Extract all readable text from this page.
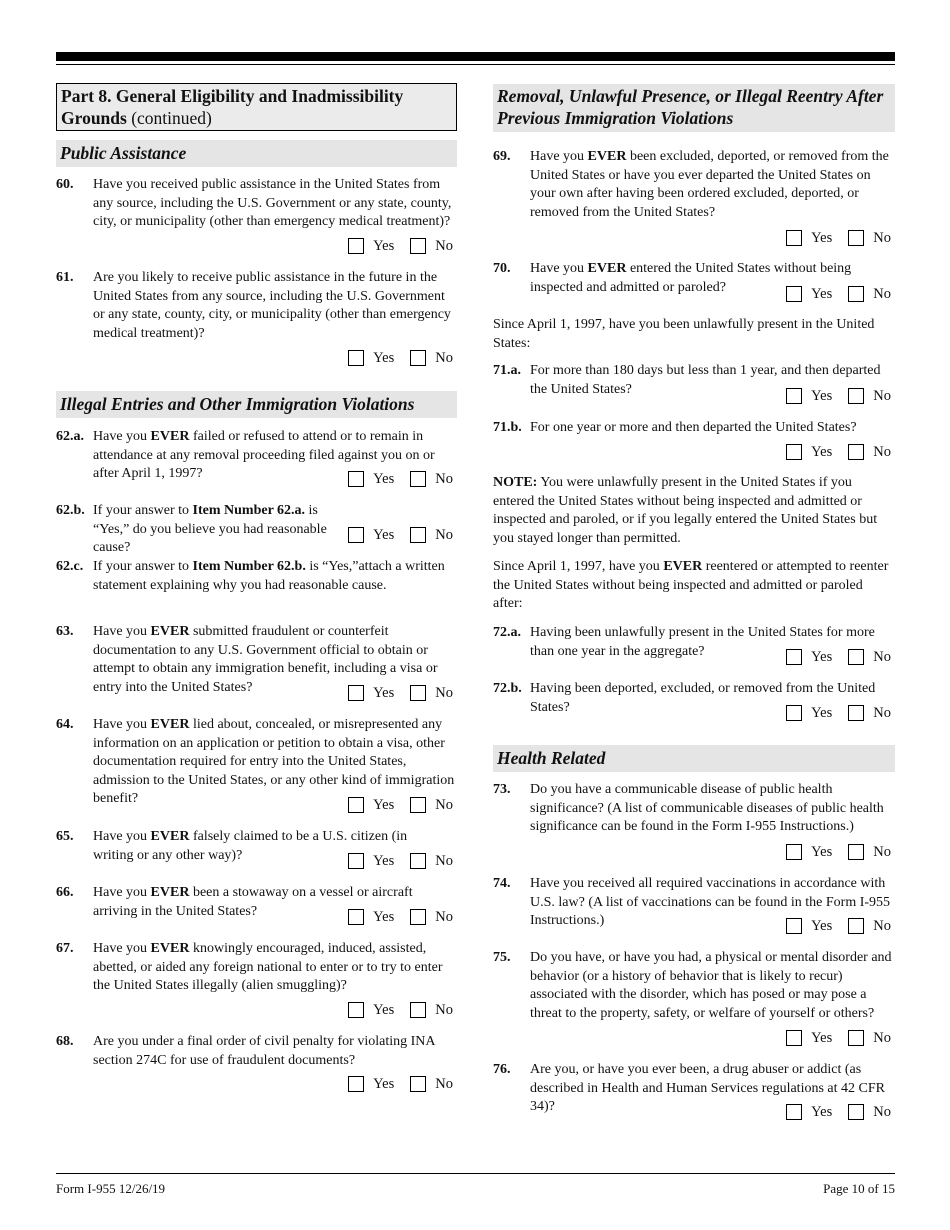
Part 8. General Eligibility and Inadmissibility Grounds (continued)
Public Assistance
60. Have you received public assistance in the United States from any source, including the U.S. Government or any state, county, city, or municipality (other than emergency medical treatment)?
Yes	No
61. Are you likely to receive public assistance in the future in the United States from any source, including the U.S. Government or any state, county, city, or municipality (other than emergency medical treatment)?
Yes	No
Illegal Entries and Other Immigration Violations
62.a. Have you EVER failed or refused to attend or to remain in attendance at any removal proceeding filed against you on or after April 1, 1997?	Yes	No
62.b. If your answer to Item Number 62.a. is “Yes,” do you believe you had reasonable cause?
Yes	No
62.c. If your answer to Item Number 62.b. is “Yes,”attach a written statement explaining why you had reasonable cause.
63. Have you EVER submitted fraudulent or counterfeit documentation to any U.S. Government official to obtain or attempt to obtain any immigration benefit, including a visa or entry into the United States?	Yes	No
64. Have you EVER lied about, concealed, or misrepresented any information on an application or petition to obtain a visa, other documentation required for entry into the United States, admission to the United States, or any other kind of immigration benefit?	Yes	No
65. Have you EVER falsely claimed to be a U.S. citizen (in writing or any other way)?	Yes	No
66. Have you EVER been a stowaway on a vessel or aircraft arriving in the United States?	Yes	No
67. Have you EVER knowingly encouraged, induced, assisted, abetted, or aided any foreign national to enter or to try to enter the United States illegally (alien smuggling)?
Yes	No
68. Are you under a final order of civil penalty for violating INA section 274C for use of fraudulent documents?
Yes	No
Removal, Unlawful Presence, or Illegal Reentry After Previous Immigration Violations
69. Have you EVER been excluded, deported, or removed from the United States or have you ever departed the United States on your own after having been ordered excluded, deported, or removed from the United States?
Yes	No
70. Have you EVER entered the United States without being inspected and admitted or paroled?	Yes	No
Since April 1, 1997, have you been unlawfully present in the United States:
71.a. For more than 180 days but less than 1 year, and then departed the United States?	Yes	No
71.b. For one year or more and then departed the United States?
Yes	No
NOTE: You were unlawfully present in the United States if you entered the United States without being inspected and admitted or inspected and paroled, or if you legally entered the United States but you stayed longer than permitted.
Since April 1, 1997, have you EVER reentered or attempted to reenter the United States without being inspected and admitted or paroled after:
72.a. Having been unlawfully present in the United States for more than one year in the aggregate?	Yes	No
72.b. Having been deported, excluded, or removed from the United States?	Yes	No
Health Related
73. Do you have a communicable disease of public health significance? (A list of communicable diseases of public health significance can be found in the Form I-955 Instructions.)
Yes	No
74. Have you received all required vaccinations in accordance with U.S. law? (A list of vaccinations can be found in the Form I-955 Instructions.)	Yes	No
75. Do you have, or have you had, a physical or mental disorder and behavior (or a history of behavior that is likely to recur) associated with the disorder, which has posed or may pose a threat to the property, safety, or welfare of yourself or others?
Yes	No
76. Are you, or have you ever been, a drug abuser or addict (as described in Health and Human Services regulations at 42 CFR 34)?	Yes	No
Form I-955 12/26/19	Page 10 of 15
